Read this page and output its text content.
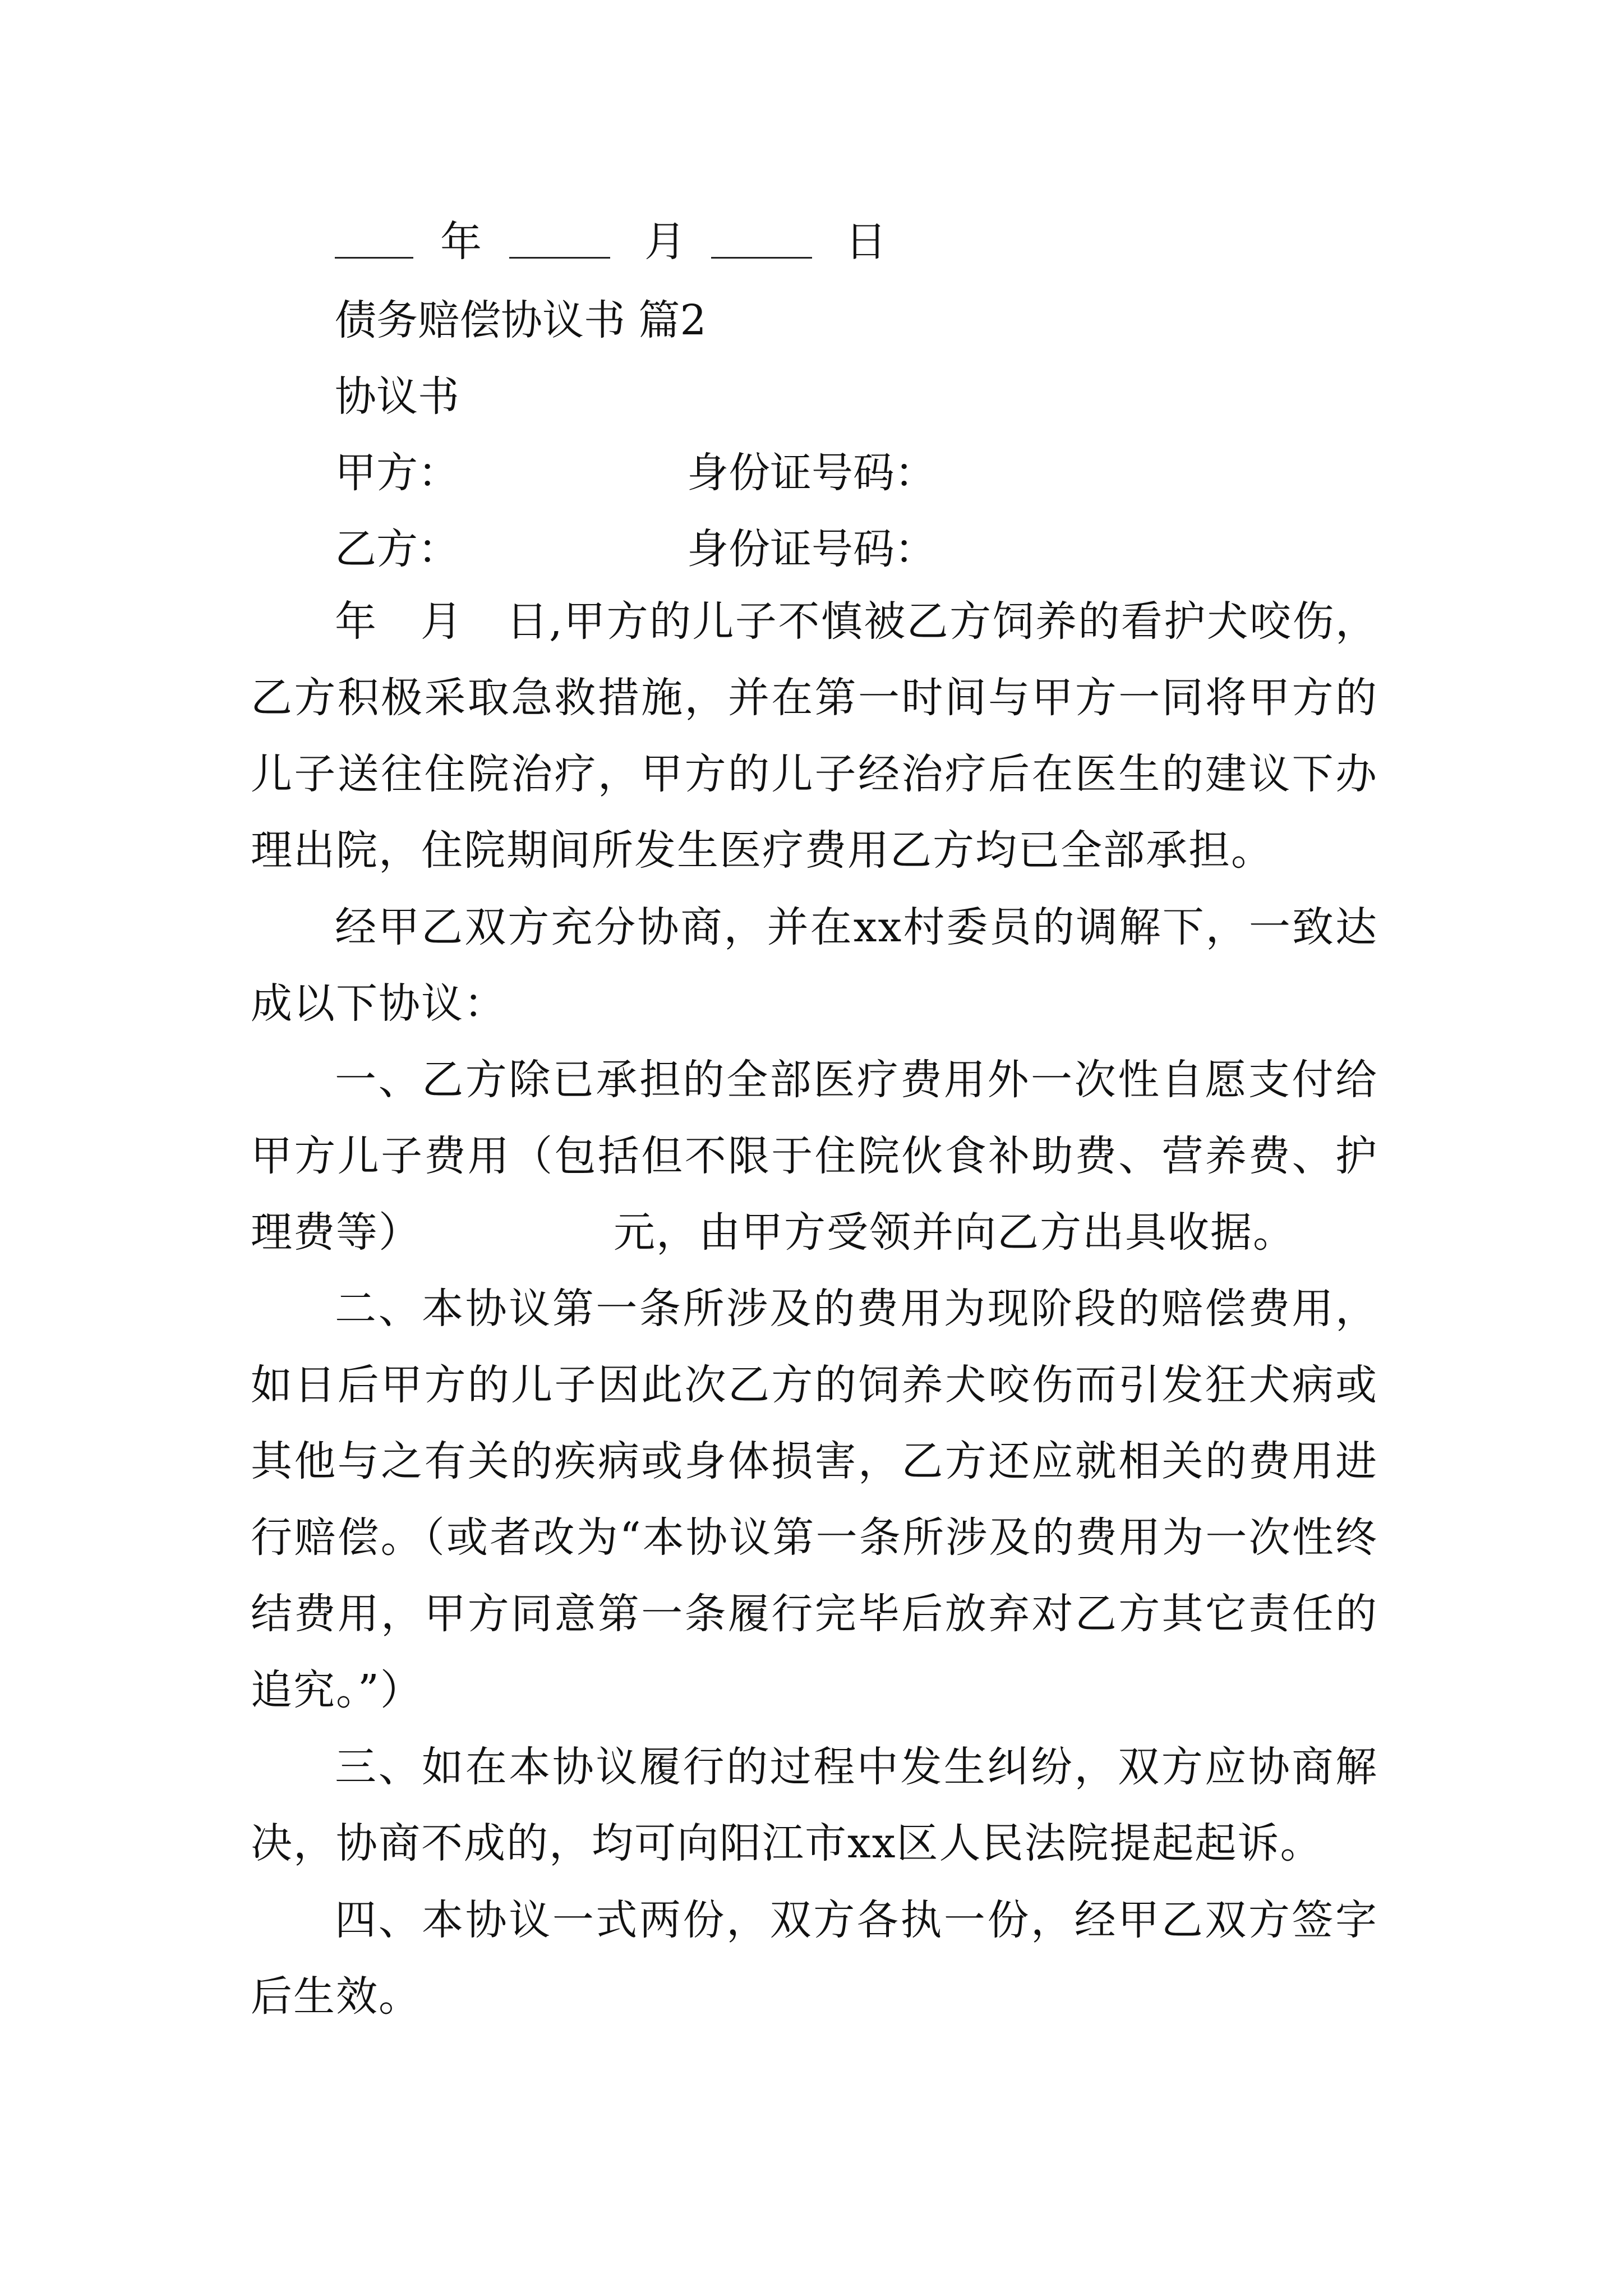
年

	月

	日

债务赔偿协议书 篇2

协议书

甲方：

	身份证号码：

乙方：

	身份证号码：

年　月　日,甲方的儿子不慎被乙方饲养的看护犬咬伤，乙方积极采取急救措施，并在第一时间与甲方一同将甲方的儿子送往住院治疗，甲方的儿子经治疗后在医生的建议下办理出院，住院期间所发生医疗费用乙方均已全部承担。

经甲乙双方充分协商，并在xx村委员的调解下，一致达成以下协议：

一、乙方除已承担的全部医疗费用外一次性自愿支付给甲方儿子费用（包括但不限于住院伙食补助费、营养费、护理费等）　　　　　元，由甲方受领并向乙方出具收据。

二、本协议第一条所涉及的费用为现阶段的赔偿费用，如日后甲方的儿子因此次乙方的饲养犬咬伤而引发狂犬病或其他与之有关的疾病或身体损害，乙方还应就相关的费用进行赔偿。（或者改为“本协议第一条所涉及的费用为一次性终结费用，甲方同意第一条履行完毕后放弃对乙方其它责任的追究。”）

三、如在本协议履行的过程中发生纠纷，双方应协商解决，协商不成的，均可向阳江市xx区人民法院提起起诉。

四、本协议一式两份，双方各执一份，经甲乙双方签字后生效。
